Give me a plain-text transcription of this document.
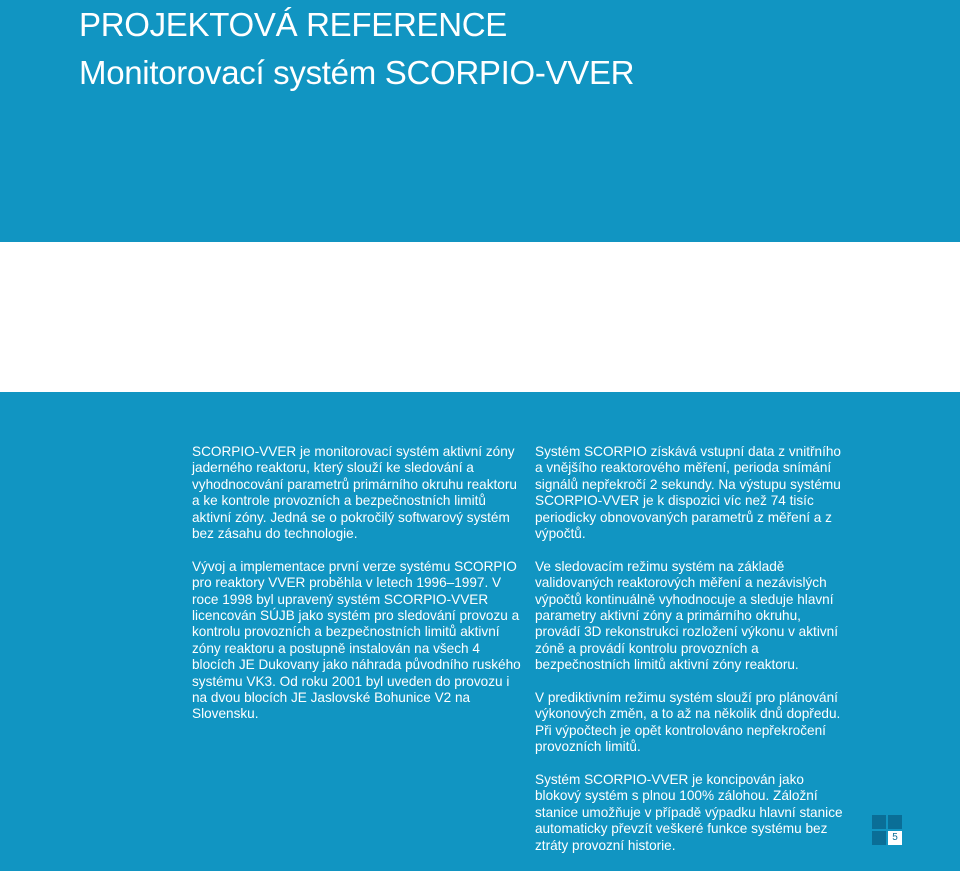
PROJEKTOVÁ REFERENCE
Monitorovací systém SCORPIO-VVER

SCORPIO-VVER je monitorovací systém aktivní zóny jaderného reaktoru, který slouží ke sledování a vyhodnocování parametrů primárního okruhu reaktoru a ke kontrole provozních a bezpečnostních limitů aktivní zóny. Jedná se o pokročilý softwarový systém bez zásahu do technologie.

Vývoj a implementace první verze systému SCORPIO pro reaktory VVER proběhla v letech 1996–1997. V roce 1998 byl upravený systém SCORPIO-VVER licencován SÚJB jako systém pro sledování provozu a kontrolu provozních a bezpečnostních limitů aktivní zóny reaktoru a postupně instalován na všech 4 blocích JE Dukovany jako náhrada původního ruského systému VK3. Od roku 2001 byl uveden do provozu i na dvou blocích JE Jaslovské Bohunice V2 na Slovensku.

Systém SCORPIO získává vstupní data z vnitřního a vnějšího reaktorového měření, perioda snímání signálů nepřekročí 2 sekundy. Na výstupu systému SCORPIO-VVER je k dispozici víc než 74 tisíc periodicky obnovovaných parametrů z měření a z výpočtů.

Ve sledovacím režimu systém na základě validovaných reaktorových měření a nezávislých výpočtů kontinuálně vyhodnocuje a sleduje hlavní parametry aktivní zóny a primárního okruhu, provádí 3D rekonstrukci rozložení výkonu v aktivní zóně a provádí kontrolu provozních a bezpečnostních limitů aktivní zóny reaktoru.

V prediktivním režimu systém slouží pro plánování výkonových změn, a to až na několik dnů dopředu. Při výpočtech je opět kontrolováno nepřekročení provozních limitů.

Systém SCORPIO-VVER je koncipován jako blokový systém s plnou 100% zálohou. Záložní stanice umožňuje v případě výpadku hlavní stanice automaticky převzít veškeré funkce systému bez ztráty provozní historie.

5
